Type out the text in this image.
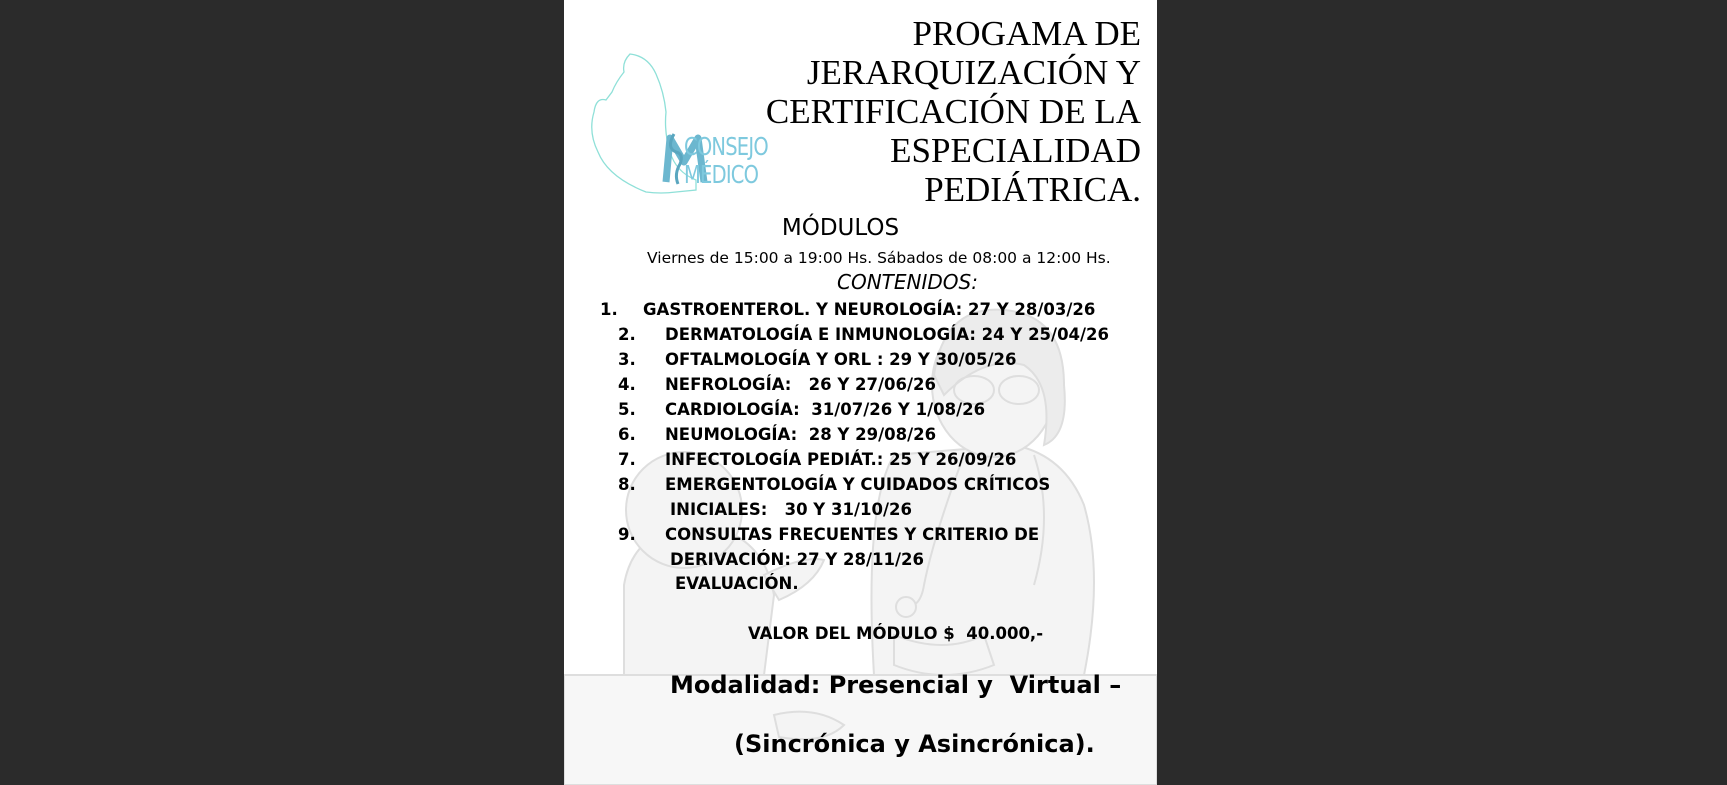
CONSEJO
MÉDICO
PROGAMA DE
JERARQUIZACIÓN Y
CERTIFICACIÓN DE LA
ESPECIALIDAD
PEDIÁTRICA.
MÓDULOS
Viernes de 15:00 a 19:00 Hs. Sábados de 08:00 a 12:00 Hs.
CONTENIDOS:
1. GASTROENTEROL. Y NEUROLOGÍA: 27 Y 28/03/26
2. DERMATOLOGÍA E INMUNOLOGÍA: 24 Y 25/04/26
3. OFTALMOLOGÍA Y ORL : 29 Y 30/05/26
4. NEFROLOGÍA:   26 Y 27/06/26
5. CARDIOLOGÍA:  31/07/26 Y 1/08/26
6. NEUMOLOGÍA:  28 Y 29/08/26
7. INFECTOLOGÍA PEDIÁT.: 25 Y 26/09/26
8. EMERGENTOLOGÍA Y CUIDADOS CRÍTICOS
INICIALES:   30 Y 31/10/26
9. CONSULTAS FRECUENTES Y CRITERIO DE
DERIVACIÓN: 27 Y 28/11/26
EVALUACIÓN.
VALOR DEL MÓDULO $  40.000,-
Modalidad: Presencial y  Virtual –
(Sincrónica y Asincrónica).
